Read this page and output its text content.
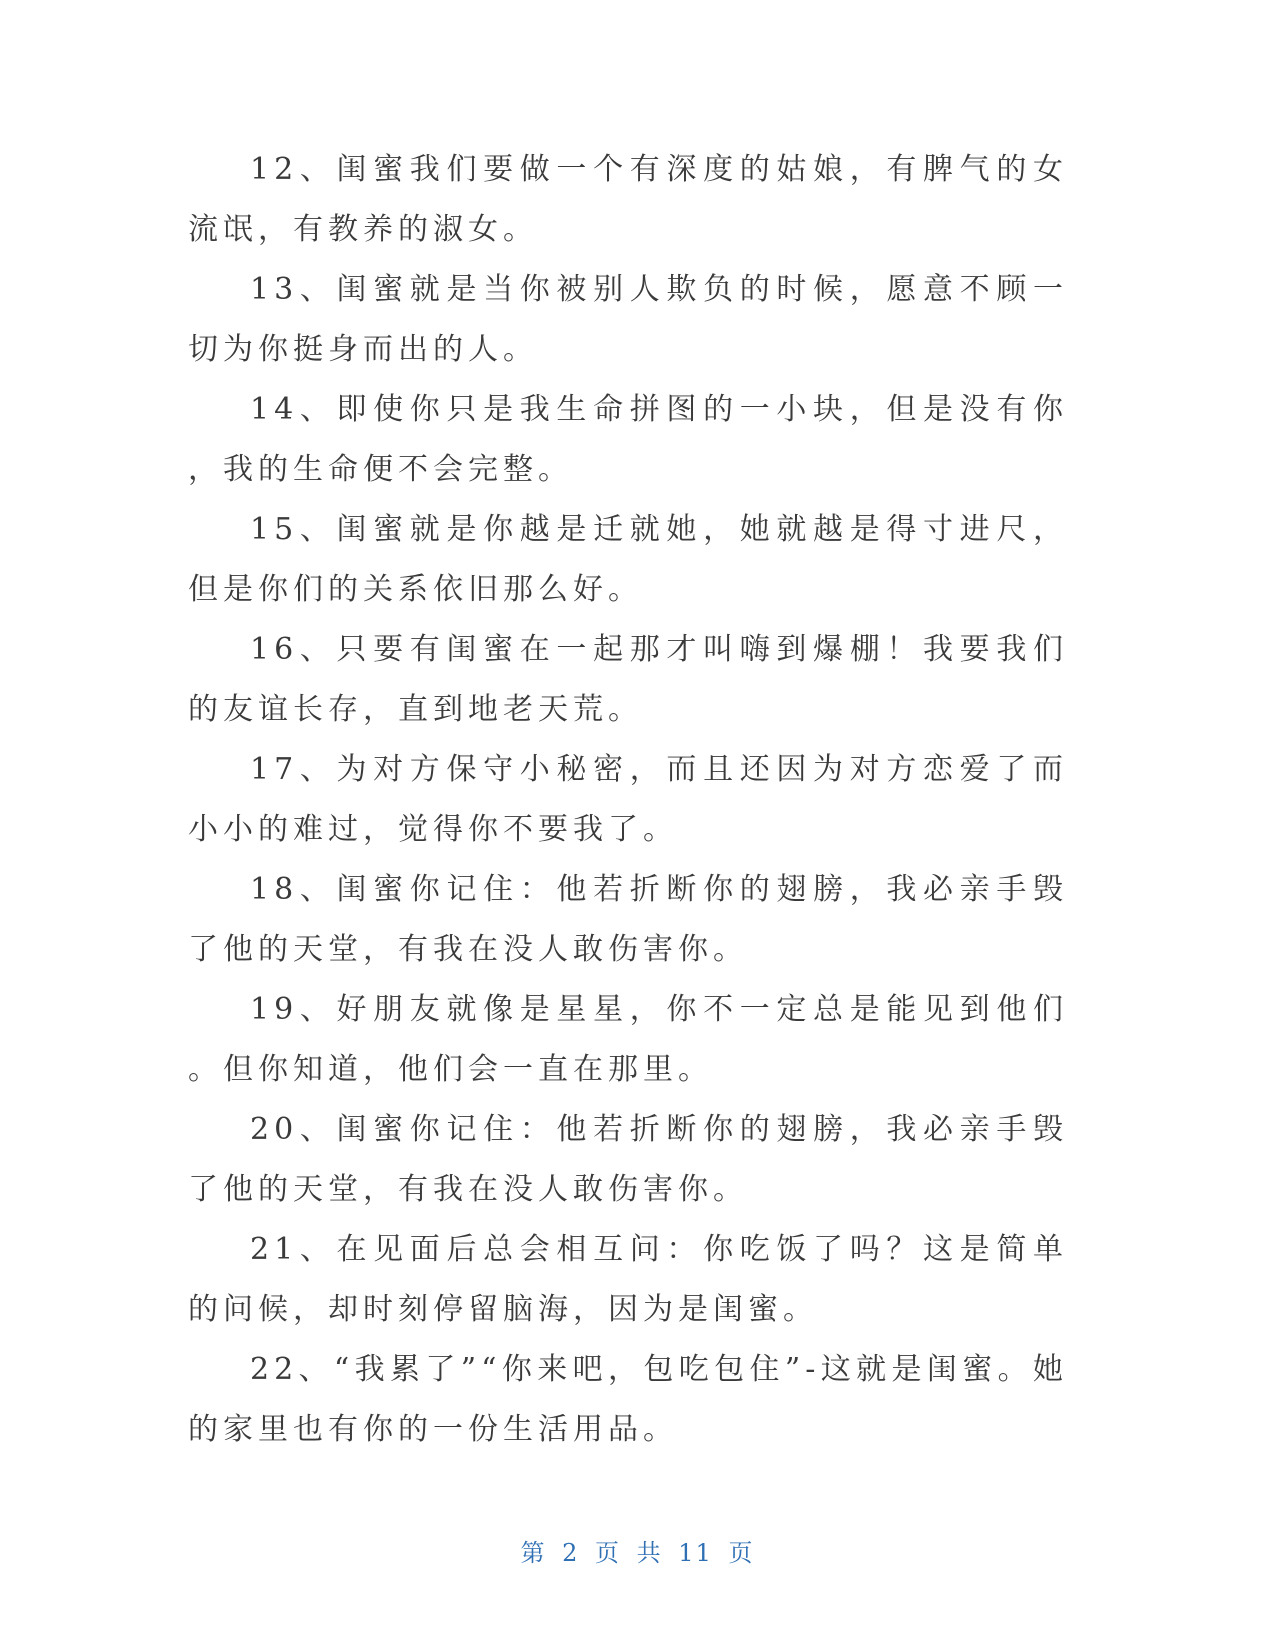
12、闺蜜我们要做一个有深度的姑娘，有脾气的女流氓，有教养的淑女。

13、闺蜜就是当你被别人欺负的时候，愿意不顾一切为你挺身而出的人。

14、即使你只是我生命拼图的一小块，但是没有你，我的生命便不会完整。

15、闺蜜就是你越是迁就她，她就越是得寸进尺，但是你们的关系依旧那么好。

16、只要有闺蜜在一起那才叫嗨到爆棚！我要我们的友谊长存，直到地老天荒。

17、为对方保守小秘密，而且还因为对方恋爱了而小小的难过，觉得你不要我了。

18、闺蜜你记住：他若折断你的翅膀，我必亲手毁了他的天堂，有我在没人敢伤害你。

19、好朋友就像是星星，你不一定总是能见到他们。但你知道，他们会一直在那里。

20、闺蜜你记住：他若折断你的翅膀，我必亲手毁了他的天堂，有我在没人敢伤害你。

21、在见面后总会相互问：你吃饭了吗？这是简单的问候，却时刻停留脑海，因为是闺蜜。

22、“我累了”“你来吧，包吃包住”-这就是闺蜜。她的家里也有你的一份生活用品。

第 2 页 共 11 页
